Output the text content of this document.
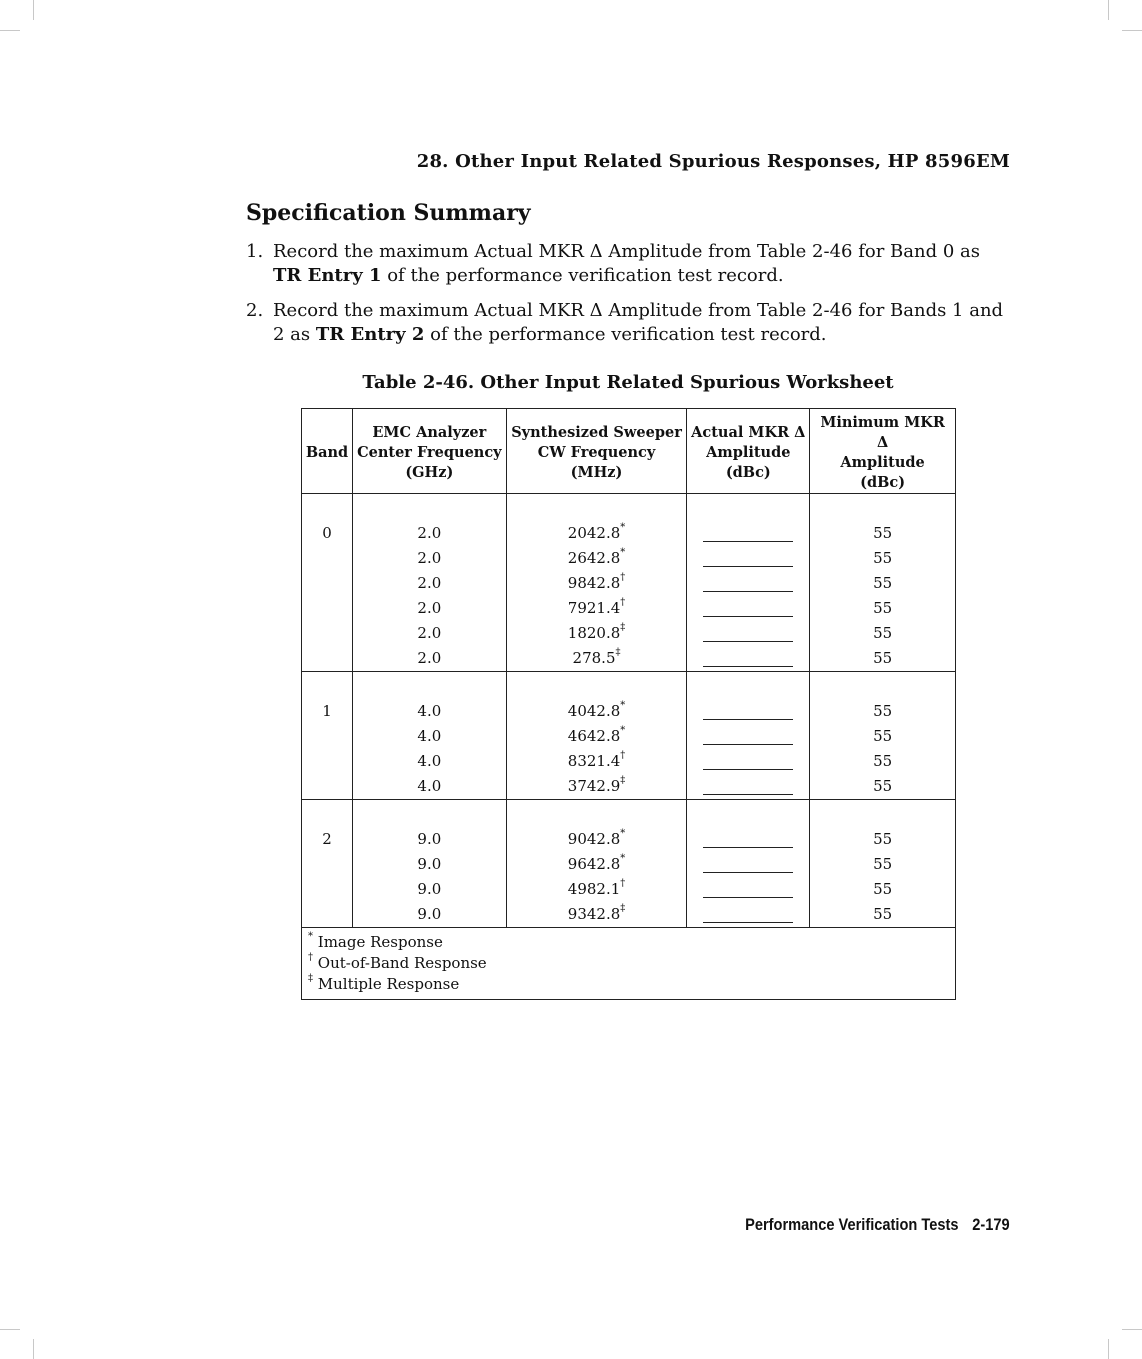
28. Other Input Related Spurious Responses, HP 8596EM
Specification Summary
1. Record the maximum Actual MKR Δ Amplitude from Table 2-46 for Band 0 as
TR Entry 1 of the performance verification test record.
2. Record the maximum Actual MKR Δ Amplitude from Table 2-46 for Bands 1 and 2 as TR Entry 2 of the performance verification test record.
Table 2-46. Other Input Related Spurious Worksheet
Band	EMC Analyzer
Center Frequency
(GHz)	Synthesized Sweeper
CW Frequency
(MHz)	Actual MKR Δ
Amplitude
(dBc)	Minimum MKR Δ
Amplitude
(dBc)
0	2.0	2042.8*		55
	2.0	2642.8*		55
	2.0	9842.8†		55
	2.0	7921.4†		55
	2.0	1820.8‡		55
	2.0	278.5‡		55
1	4.0	4042.8*		55
	4.0	4642.8*		55
	4.0	8321.4†		55
	4.0	3742.9‡		55
2	9.0	9042.8*		55
	9.0	9642.8*		55
	9.0	4982.1†		55
	9.0	9342.8‡		55

* Image Response
† Out-of-Band Response
‡ Multiple Response				
Performance Verification Tests 2-179
